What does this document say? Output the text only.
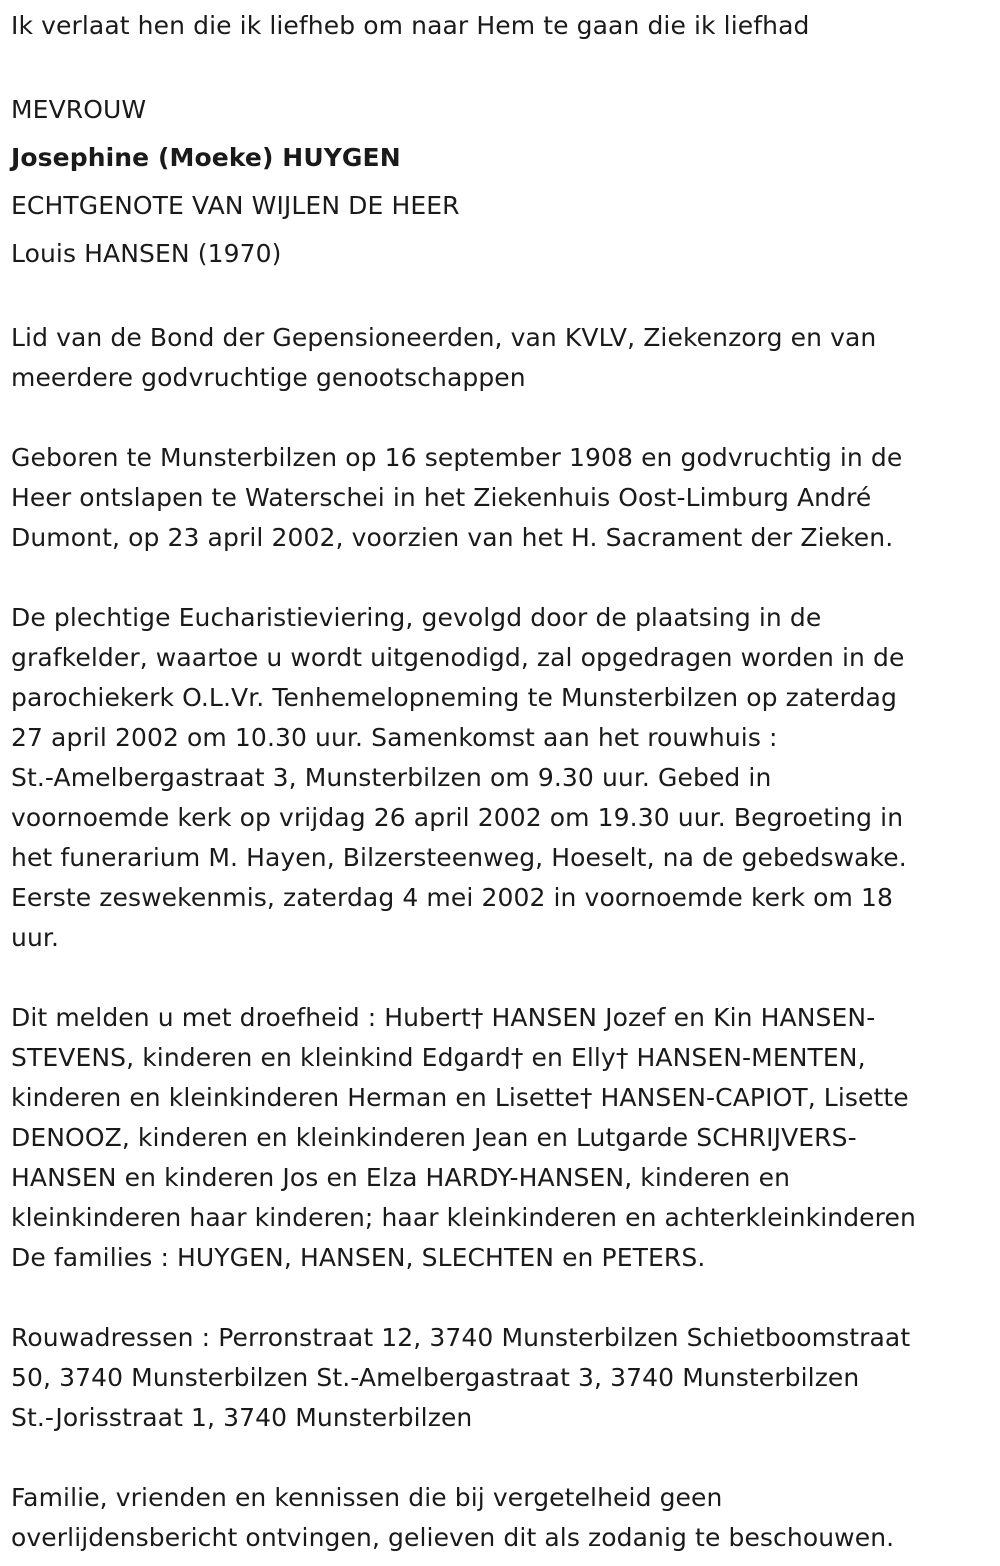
Ik verlaat hen die ik liefheb om naar Hem te gaan die ik liefhad
MEVROUW
Josephine (Moeke) HUYGEN
ECHTGENOTE VAN WIJLEN DE HEER
Louis HANSEN (1970)
Lid van de Bond der Gepensioneerden, van KVLV, Ziekenzorg en van
meerdere godvruchtige genootschappen
Geboren te Munsterbilzen op 16 september 1908 en godvruchtig in de
Heer ontslapen te Waterschei in het Ziekenhuis Oost-Limburg André
Dumont, op 23 april 2002, voorzien van het H. Sacrament der Zieken.
De plechtige Eucharistieviering, gevolgd door de plaatsing in de
grafkelder, waartoe u wordt uitgenodigd, zal opgedragen worden in de
parochiekerk O.L.Vr. Tenhemelopneming te Munsterbilzen op zaterdag
27 april 2002 om 10.30 uur. Samenkomst aan het rouwhuis :
St.-Amelbergastraat 3, Munsterbilzen om 9.30 uur. Gebed in
voornoemde kerk op vrijdag 26 april 2002 om 19.30 uur. Begroeting in
het funerarium M. Hayen, Bilzersteenweg, Hoeselt, na de gebedswake.
Eerste zeswekenmis, zaterdag 4 mei 2002 in voornoemde kerk om 18
uur.
Dit melden u met droefheid : Hubert† HANSEN Jozef en Kin HANSEN-
STEVENS, kinderen en kleinkind Edgard† en Elly† HANSEN-MENTEN,
kinderen en kleinkinderen Herman en Lisette† HANSEN-CAPIOT, Lisette
DENOOZ, kinderen en kleinkinderen Jean en Lutgarde SCHRIJVERS-
HANSEN en kinderen Jos en Elza HARDY-HANSEN, kinderen en
kleinkinderen haar kinderen; haar kleinkinderen en achterkleinkinderen
De families : HUYGEN, HANSEN, SLECHTEN en PETERS.
Rouwadressen : Perronstraat 12, 3740 Munsterbilzen Schietboomstraat
50, 3740 Munsterbilzen St.-Amelbergastraat 3, 3740 Munsterbilzen
St.-Jorisstraat 1, 3740 Munsterbilzen
Familie, vrienden en kennissen die bij vergetelheid geen
overlijdensbericht ontvingen, gelieven dit als zodanig te beschouwen.
